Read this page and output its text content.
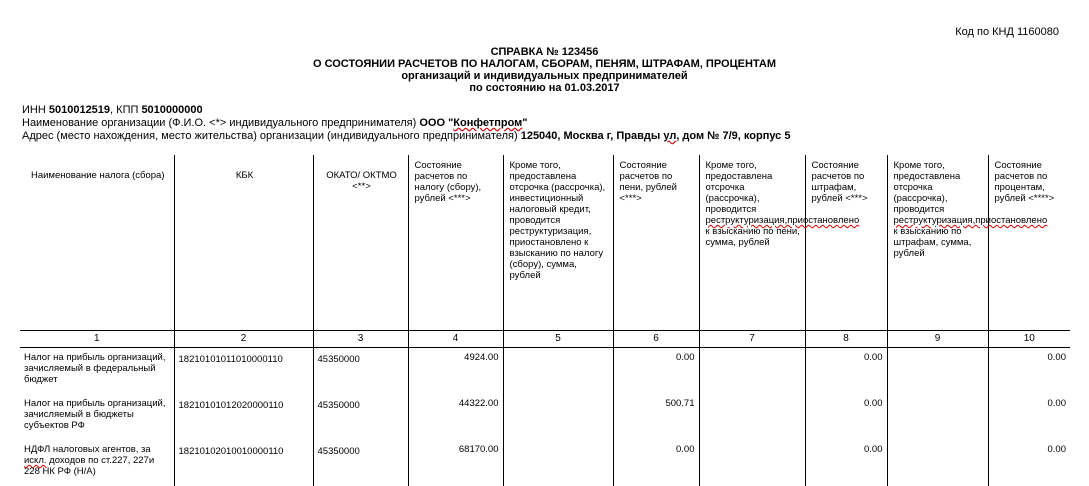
Код по КНД 1160080
СПРАВКА № 123456
О СОСТОЯНИИ РАСЧЕТОВ ПО НАЛОГАМ, СБОРАМ, ПЕНЯМ, ШТРАФАМ, ПРОЦЕНТАМ
организаций и индивидуальных предпринимателей
по состоянию на 01.03.2017
ИНН 5010012519, КПП 5010000000
Наименование организации (Ф.И.О. <*> индивидуального предпринимателя) ООО "Конфетпром"
Адрес (место нахождения, место жительства) организации (индивидуального предпринимателя) 125040, Москва г, Правды ул, дом № 7/9, корпус 5
Наименование налога (сбора)	КБК	ОКАТО/ ОКТМО <**>	Состояние расчетов по налогу (сбору), рублей <***>	Кроме того, предоставлена отсрочка (рассрочка), инвестиционный налоговый кредит, проводится реструктуризация, приостановлено к взысканию по налогу (сбору), сумма, рублей	Состояние расчетов по пени, рублей <***>	Кроме того, предоставлена отсрочка (рассрочка), проводится реструктуризация,приостановлено к взысканию по пени, сумма, рублей	Состояние расчетов по штрафам, рублей <***>	Кроме того, предоставлена отсрочка (рассрочка), проводится реструктуризация,приостановлено к взысканию по штрафам, сумма, рублей	Состояние расчетов по процентам, рублей <****>
1	2	3	4	5	6	7	8	9	10
Налог на прибыль организаций, зачисляемый в федеральный бюджет	18210101011010000110	45350000	4924.00		0.00		0.00		0.00
Налог на прибыль организаций, зачисляемый в бюджеты субъектов РФ	18210101012020000110	45350000	44322.00		500.71		0.00		0.00
НДФЛ налоговых агентов, за искл. доходов по ст.227, 227и 228 НК РФ (Н/А)	18210102010010000110	45350000	68170.00		0.00		0.00		0.00
